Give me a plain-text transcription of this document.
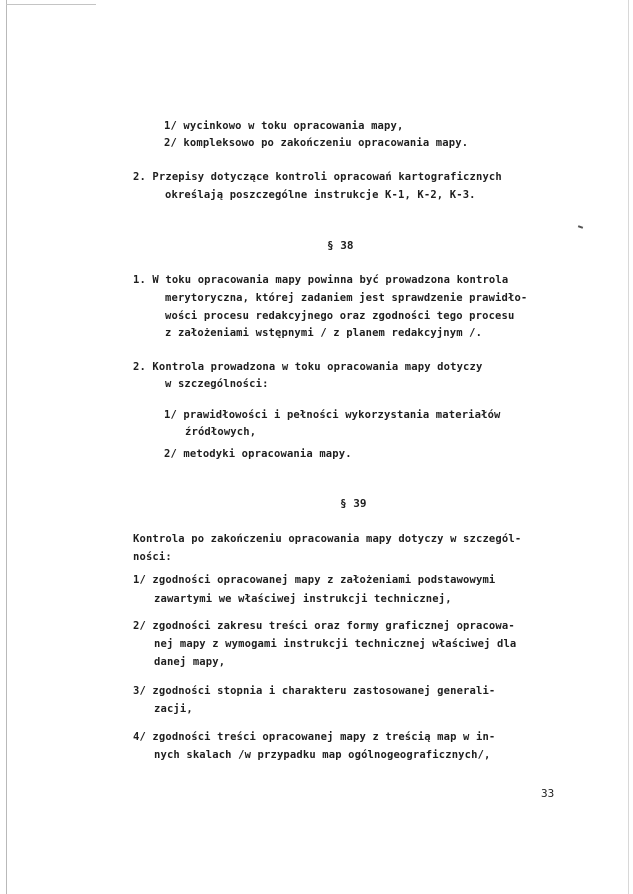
1/ wycinkowo w toku opracowania mapy,

2/ kompleksowo po zakończeniu opracowania mapy.

2. Przepisy dotyczące kontroli opracowań kartograficznych

określają poszczególne instrukcje K-1, K-2, K-3.

§ 38

1. W toku opracowania mapy powinna być prowadzona kontrola

merytoryczna, której zadaniem jest sprawdzenie prawidło-

wości procesu redakcyjnego oraz zgodności tego procesu

z założeniami wstępnymi / z planem redakcyjnym /.

2. Kontrola prowadzona w toku opracowania mapy dotyczy

w szczególności:

1/ prawidłowości i pełności wykorzystania materiałów

źródłowych,

2/ metodyki opracowania mapy.

§ 39

Kontrola po zakończeniu opracowania mapy dotyczy w szczegól-

ności:

1/ zgodności opracowanej mapy z założeniami podstawowymi

zawartymi we właściwej instrukcji technicznej,

2/ zgodności zakresu treści oraz formy graficznej opracowa-

nej mapy z wymogami instrukcji technicznej właściwej dla

danej mapy,

3/ zgodności stopnia i charakteru zastosowanej generali-

zacji,

4/ zgodności treści opracowanej mapy z treścią map w in-

nych skalach /w przypadku map ogólnogeograficznych/,

33
